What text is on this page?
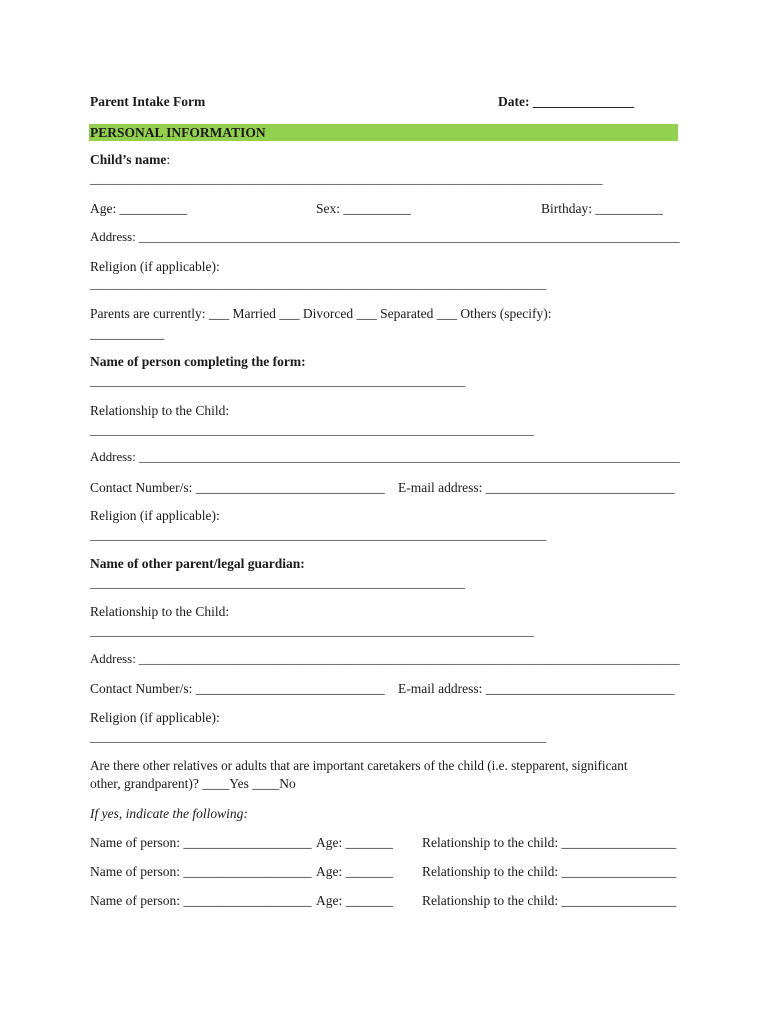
Parent Intake Form	Date: _______________
PERSONAL INFORMATION
Child’s name:
__________________________________________________________________________________
Age: __________	Sex: __________	Birthday: __________
Address: ____________________________________________________________________________________
Religion (if applicable):
_________________________________________________________________________
Parents are currently: ___ Married ___ Divorced ___ Separated ___ Others (specify):
___________
Name of person completing the form:
____________________________________________________________
Relationship to the Child:
_______________________________________________________________________
Address: ____________________________________________________________________________________
Contact Number/s: ____________________________ E-mail address: ____________________________
Religion (if applicable):
_________________________________________________________________________
Name of other parent/legal guardian:
____________________________________________________________
Relationship to the Child:
_______________________________________________________________________
Address: ____________________________________________________________________________________
Contact Number/s: ____________________________ E-mail address: ____________________________
Religion (if applicable):
_________________________________________________________________________
Are there other relatives or adults that are important caretakers of the child (i.e. stepparent, significant
other, grandparent)? ____Yes ____No
If yes, indicate the following:
Name of person: ___________________ Age: _______ Relationship to the child: _________________
Name of person: ___________________ Age: _______ Relationship to the child: _________________
Name of person: ___________________ Age: _______ Relationship to the child: _________________
